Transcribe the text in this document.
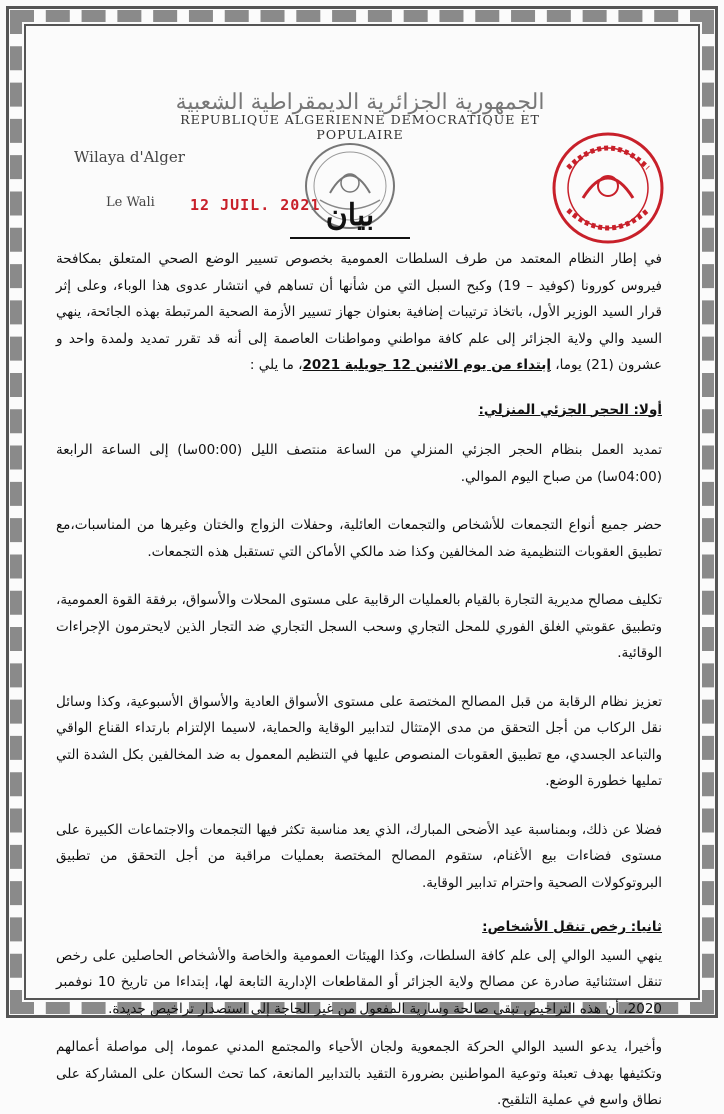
الجمهورية الجزائرية الديمقراطية الشعبية
REPUBLIQUE ALGERIENNE DEMOCRATIQUE ET POPULAIRE
Wilaya d'Alger
Le Wali 12 JUIL. 2021 بيان

في إطار النظام المعتمد من طرف السلطات العمومية بخصوص تسيير الوضع الصحي المتعلق بمكافحة فيروس كورونا (كوفيد – 19) وكبح السبل التي من شأنها أن تساهم في انتشار عدوى هذا الوباء، وعلى إثر قرار السيد الوزير الأول، باتخاذ ترتيبات إضافية بعنوان جهاز تسيير الأزمة الصحية المرتبطة بهذه الجائحة، ينهي السيد والي ولاية الجزائر إلى علم كافة مواطني ومواطنات العاصمة إلى أنه قد تقرر تمديد ولمدة واحد و عشرون (21) يوما، إبتداء من يوم الاثنين 12 جويلية 2021، ما يلي :

أولا: الحجر الجزئي المنزلي:

تمديد العمل بنظام الحجر الجزئي المنزلي من الساعة منتصف الليل (00:00سا) إلى الساعة الرابعة (04:00سا) من صباح اليوم الموالي.

حضر جميع أنواع التجمعات للأشخاص والتجمعات العائلية، وحفلات الزواج والختان وغيرها من المناسبات،مع تطبيق العقوبات التنظيمية ضد المخالفين وكذا ضد مالكي الأماكن التي تستقبل هذه التجمعات.

تكليف مصالح مديرية التجارة بالقيام بالعمليات الرقابية على مستوى المحلات والأسواق، برفقة القوة العمومية، وتطبيق عقوبتي الغلق الفوري للمحل التجاري وسحب السجل التجاري ضد التجار الذين لايحترمون الإجراءات الوقائية.

تعزيز نظام الرقابة من قبل المصالح المختصة على مستوى الأسواق العادية والأسواق الأسبوعية، وكذا وسائل نقل الركاب من أجل التحقق من مدى الإمتثال لتدابير الوقاية والحماية، لاسيما الإلتزام بارتداء القناع الواقي والتباعد الجسدي، مع تطبيق العقوبات المنصوص عليها في التنظيم المعمول به ضد المخالفين بكل الشدة التي تمليها خطورة الوضع.

فضلا عن ذلك، وبمناسبة عيد الأضحى المبارك، الذي يعد مناسبة تكثر فيها التجمعات والاجتماعات الكبيرة على مستوى فضاءات بيع الأغنام، ستقوم المصالح المختصة بعمليات مراقبة من أجل التحقق من تطبيق البروتوكولات الصحية واحترام تدابير الوقاية.

ثانيا: رخص تنقل الأشخاص:

ينهي السيد الوالي إلى علم كافة السلطات، وكذا الهيئات العمومية والخاصة والأشخاص الحاصلين على رخص تنقل استثنائية صادرة عن مصالح ولاية الجزائر أو المقاطعات الإدارية التابعة لها، إبتداءا من تاريخ 10 نوفمبر 2020، أن هذه التراخيص تبقى صالحة وسارية المفعول من غير الحاجة إلى استصدار تراخيص جديدة.

وأخيرا، يدعو السيد الوالي الحركة الجمعوية ولجان الأحياء والمجتمع المدني عموما، إلى مواصلة أعمالهم وتكثيفها بهدف تعبئة وتوعية المواطنين بضرورة التقيد بالتدابير المانعة، كما تحث السكان على المشاركة على نطاق واسع في عملية التلقيح.
